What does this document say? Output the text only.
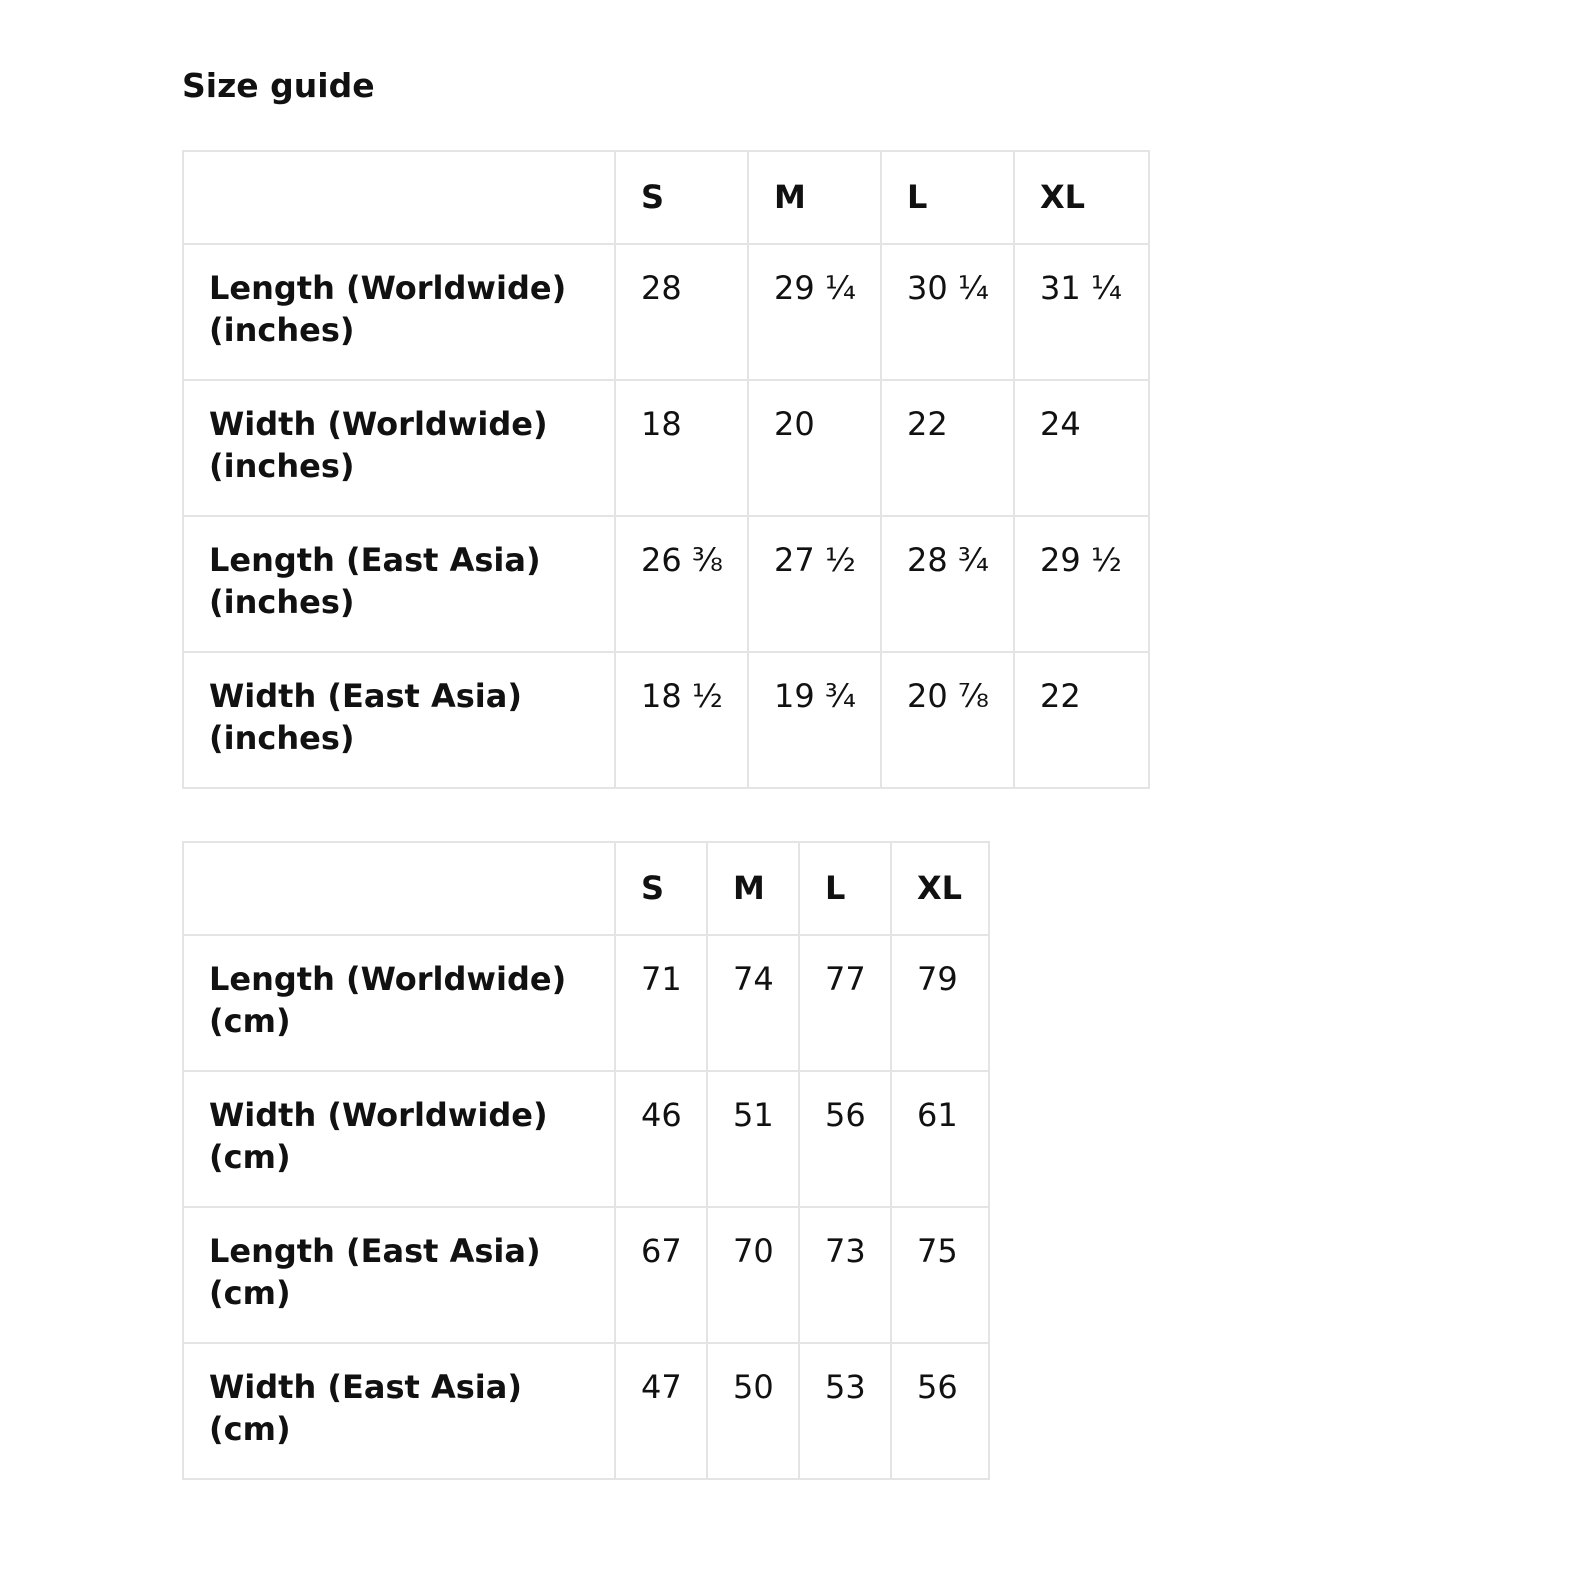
Size guide
	S	M	L	XL
Length (Worldwide) (inches)	28	29 ¼	30 ¼	31 ¼
Width (Worldwide) (inches)	18	20	22	24
Length (East Asia) (inches)	26 ⅜	27 ½	28 ¾	29 ½
Width (East Asia) (inches)	18 ½	19 ¾	20 ⅞	22
	S	M	L	XL
Length (Worldwide) (cm)	71	74	77	79
Width (Worldwide) (cm)	46	51	56	61
Length (East Asia) (cm)	67	70	73	75
Width (East Asia) (cm)	47	50	53	56
